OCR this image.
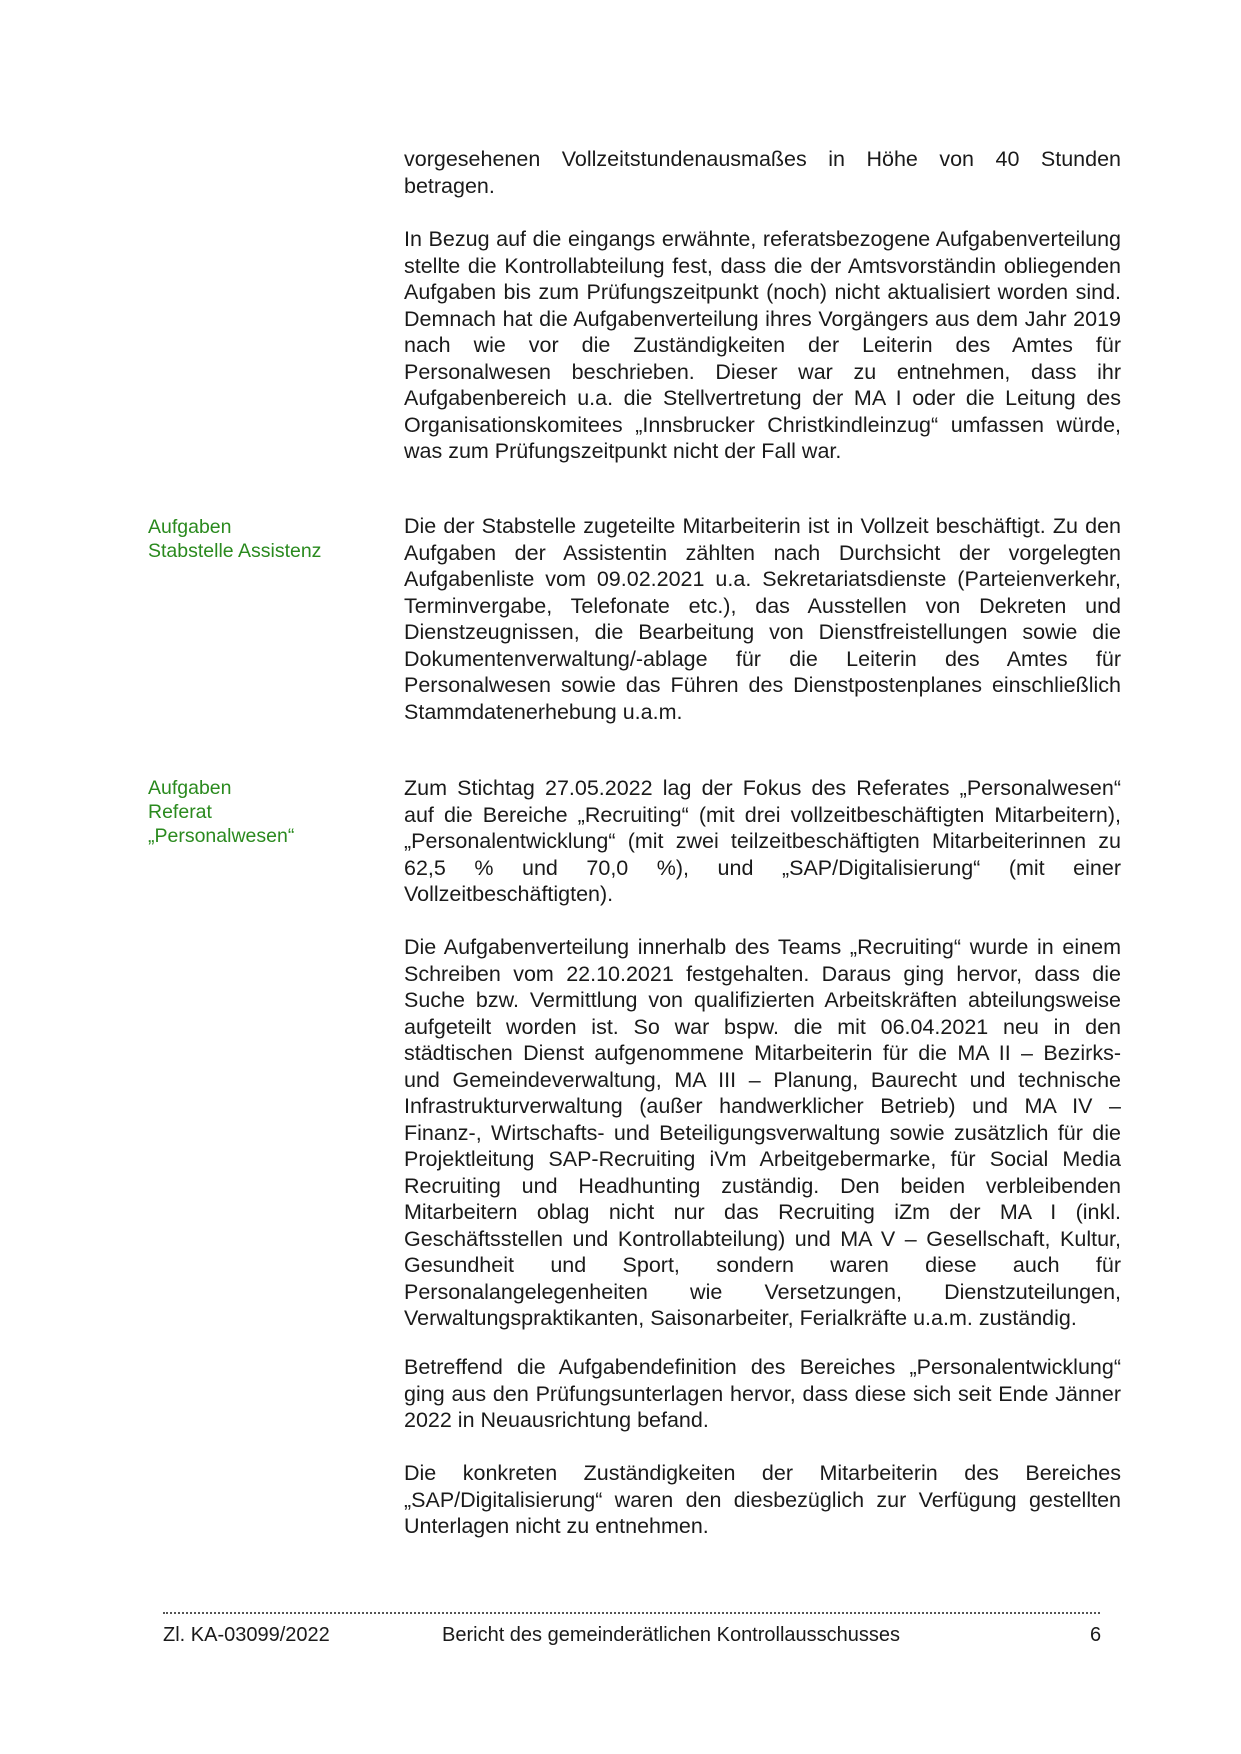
vorgesehenen Vollzeitstundenausmaßes in Höhe von 40 Stunden betragen.

In Bezug auf die eingangs erwähnte, referatsbezogene Aufgabenverteilung stellte die Kontrollabteilung fest, dass die der Amtsvorständin obliegenden Aufgaben bis zum Prüfungszeitpunkt (noch) nicht aktualisiert worden sind. Demnach hat die Aufgabenverteilung ihres Vorgängers aus dem Jahr 2019 nach wie vor die Zuständigkeiten der Leiterin des Amtes für Personalwesen beschrieben. Dieser war zu entnehmen, dass ihr Aufgabenbereich u.a. die Stellvertretung der MA I oder die Leitung des Organisationskomitees „Innsbrucker Christkindleinzug“ umfassen würde, was zum Prüfungszeitpunkt nicht der Fall war.

Aufgaben
Stabstelle Assistenz

Die der Stabstelle zugeteilte Mitarbeiterin ist in Vollzeit beschäftigt. Zu den Aufgaben der Assistentin zählten nach Durchsicht der vorgelegten Aufgabenliste vom 09.02.2021 u.a. Sekretariatsdienste (Parteienverkehr, Terminvergabe, Telefonate etc.), das Ausstellen von Dekreten und Dienstzeugnissen, die Bearbeitung von Dienstfreistellungen sowie die Dokumentenverwaltung/-ablage für die Leiterin des Amtes für Personalwesen sowie das Führen des Dienstpostenplanes einschließlich Stammdatenerhebung u.a.m.

Aufgaben
Referat
„Personalwesen“

Zum Stichtag 27.05.2022 lag der Fokus des Referates „Personalwesen“ auf die Bereiche „Recruiting“ (mit drei vollzeitbeschäftigten Mitarbeitern), „Personalentwicklung“ (mit zwei teilzeitbeschäftigten Mitarbeiterinnen zu 62,5 % und 70,0 %), und „SAP/Digitalisierung“ (mit einer Vollzeitbeschäftigten).

Die Aufgabenverteilung innerhalb des Teams „Recruiting“ wurde in einem Schreiben vom 22.10.2021 festgehalten. Daraus ging hervor, dass die Suche bzw. Vermittlung von qualifizierten Arbeitskräften abteilungsweise aufgeteilt worden ist. So war bspw. die mit 06.04.2021 neu in den städtischen Dienst aufgenommene Mitarbeiterin für die MA II – Bezirks- und Gemeindeverwaltung, MA III – Planung, Baurecht und technische Infrastrukturverwaltung (außer handwerklicher Betrieb) und MA IV – Finanz-, Wirtschafts- und Beteiligungsverwaltung sowie zusätzlich für die Projektleitung SAP-Recruiting iVm Arbeitgebermarke, für Social Media Recruiting und Headhunting zuständig. Den beiden verbleibenden Mitarbeitern oblag nicht nur das Recruiting iZm der MA I (inkl. Geschäftsstellen und Kontrollabteilung) und MA V – Gesellschaft, Kultur, Gesundheit und Sport, sondern waren diese auch für Personalangelegenheiten wie Versetzungen, Dienstzuteilungen, Verwaltungspraktikanten, Saisonarbeiter, Ferialkräfte u.a.m. zuständig.

Betreffend die Aufgabendefinition des Bereiches „Personalentwicklung“ ging aus den Prüfungsunterlagen hervor, dass diese sich seit Ende Jänner 2022 in Neuausrichtung befand.

Die konkreten Zuständigkeiten der Mitarbeiterin des Bereiches „SAP/Digitalisierung“ waren den diesbezüglich zur Verfügung gestellten Unterlagen nicht zu entnehmen.

Zl. KA-03099/2022	Bericht des gemeinderätlichen Kontrollausschusses	6
